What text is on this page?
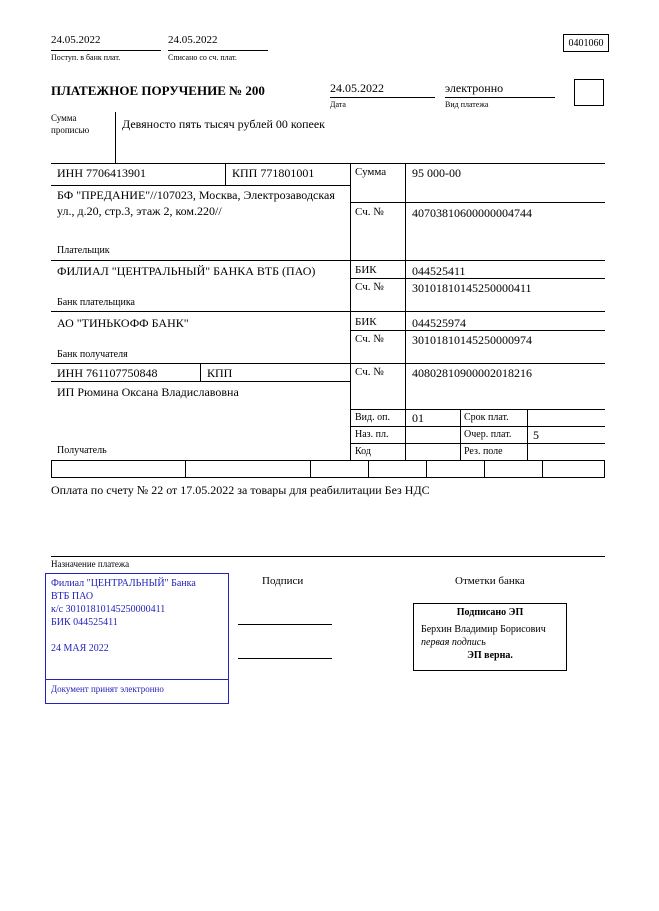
24.05.2022
Поступ. в банк плат.
24.05.2022
Списано со сч. плат.
0401060
ПЛАТЕЖНОЕ ПОРУЧЕНИЕ № 200	24.05.2022
Дата
электронно
Вид платежа
Сумма прописью	Девяносто пять тысяч рублей 00 копеек
ИНН 7706413901	КПП 771801001	Сумма 95 000-00
БФ "ПРЕДАНИЕ"//107023, Москва, Электрозаводская ул., д.20, стр.3, этаж 2, ком.220//	Сч. № 40703810600000004744
Плательщик
ФИЛИАЛ "ЦЕНТРАЛЬНЫЙ" БАНКА ВТБ (ПАО)	БИК	044525411
Сч. № 30101810145250000411
Банк плательщика
АО "ТИНЬКОФФ БАНК"	БИК	044525974
Сч. № 30101810145250000974
Банк получателя
ИНН 761107750848	КПП	Сч. № 40802810900002018216
ИП Рюмина Оксана Владиславовна
Получатель
Вид. оп. 01	Срок плат.
Наз. пл.	Очер. плат. 5
Код	Рез. поле
Оплата по счету № 22 от 17.05.2022 за товары для реабилитации Без НДС
Назначение платежа
Подписи	Отметки банка
Филиал "ЦЕНТРАЛЬНЫЙ" Банка
ВТБ ПАО
к/с 30101810145250000411
БИК 044525411
24 МАЯ 2022
Документ принят электронно
Подписано ЭП
Берхин Владимир Борисович
первая подпись
ЭП верна.
